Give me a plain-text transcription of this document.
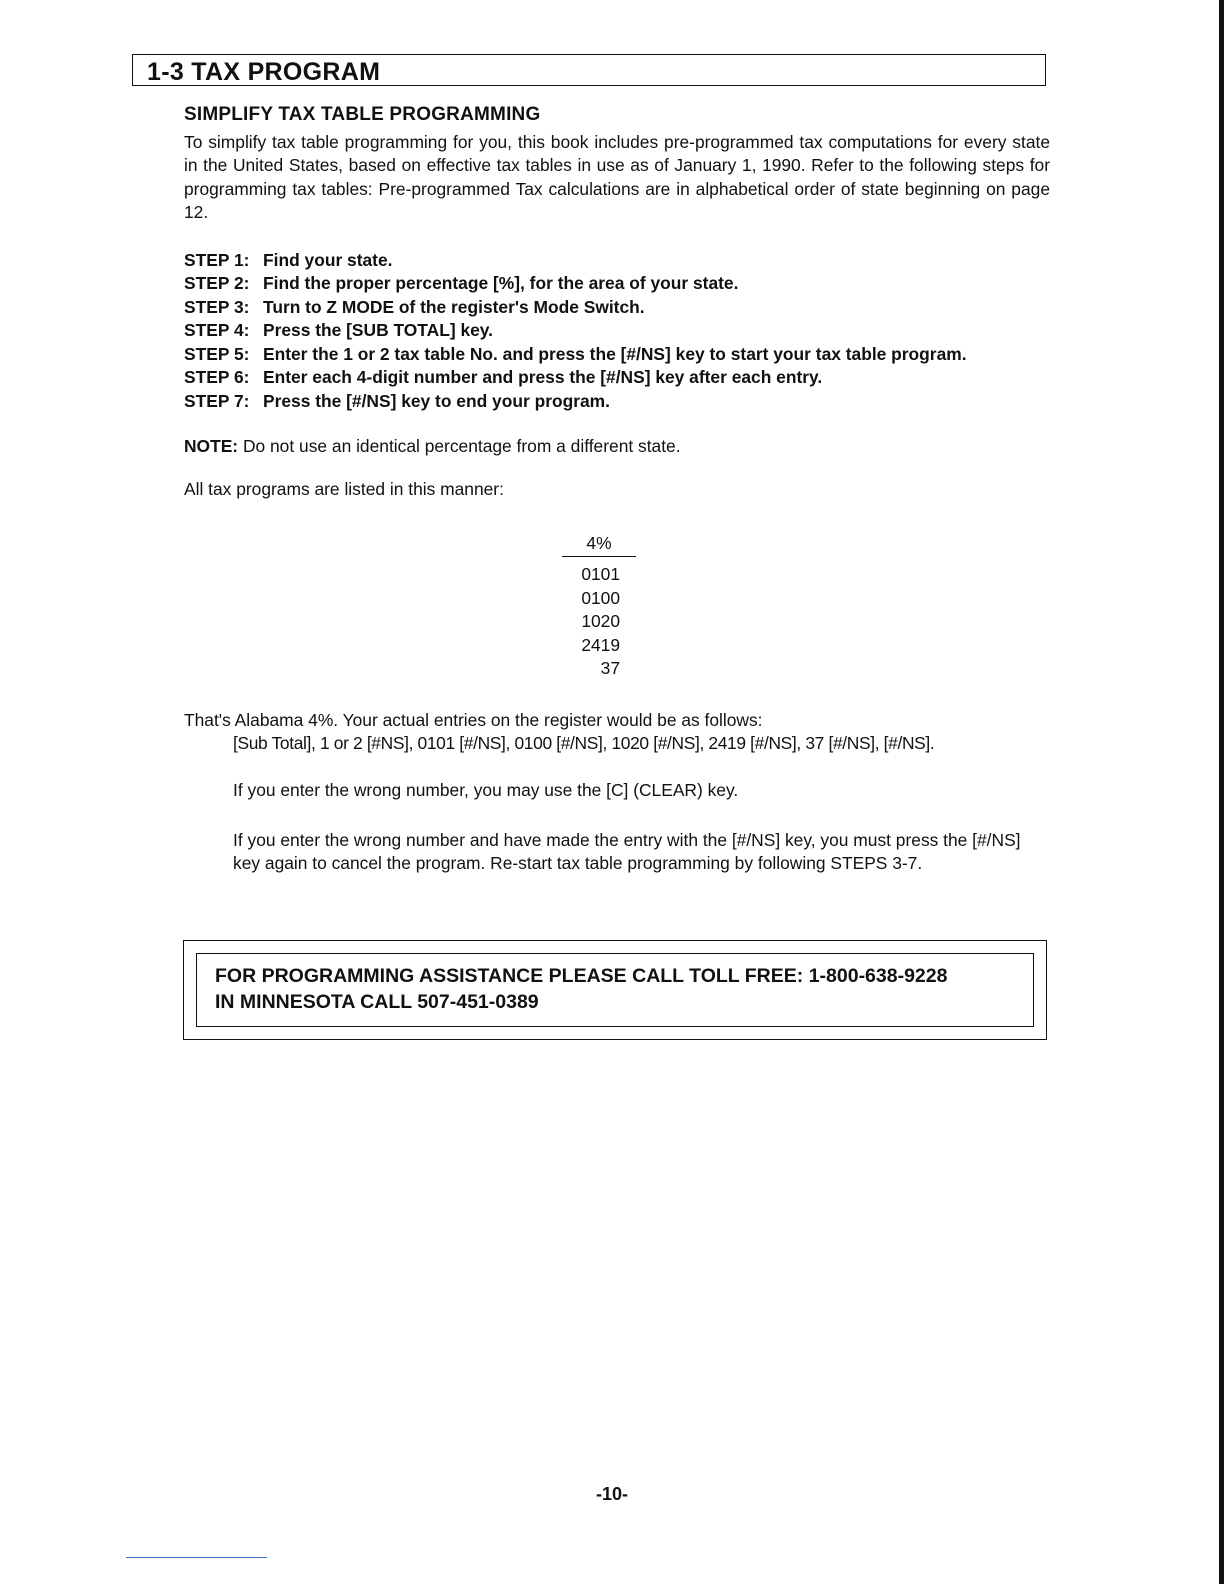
1-3 TAX PROGRAM
SIMPLIFY TAX TABLE PROGRAMMING

To simplify tax table programming for you, this book includes pre-programmed tax computations for every state in the United States, based on effective tax tables in use as of January 1, 1990. Refer to the following steps for programming tax tables: Pre-programmed Tax calculations are in alphabetical order of state beginning on page 12.

STEP 1: Find your state.
STEP 2: Find the proper percentage [%], for the area of your state.
STEP 3: Turn to Z MODE of the register's Mode Switch.
STEP 4: Press the [SUB TOTAL] key.
STEP 5: Enter the 1 or 2 tax table No. and press the [#/NS] key to start your tax table program.
STEP 6: Enter each 4-digit number and press the [#/NS] key after each entry.
STEP 7: Press the [#/NS] key to end your program.
NOTE: Do not use an identical percentage from a different state.
All tax programs are listed in this manner:
4%
0101
0100
1020
2419
37
That's Alabama 4%. Your actual entries on the register would be as follows:
[Sub Total], 1 or 2 [#NS], 0101 [#/NS], 0100 [#/NS], 1020 [#/NS], 2419 [#/NS], 37 [#/NS], [#/NS].
If you enter the wrong number, you may use the [C] (CLEAR) key.
If you enter the wrong number and have made the entry with the [#/NS] key, you must press the [#/NS] key again to cancel the program. Re-start tax table programming by following STEPS 3-7.
FOR PROGRAMMING ASSISTANCE PLEASE CALL TOLL FREE: 1-800-638-9228
IN MINNESOTA CALL 507-451-0389
-10-
